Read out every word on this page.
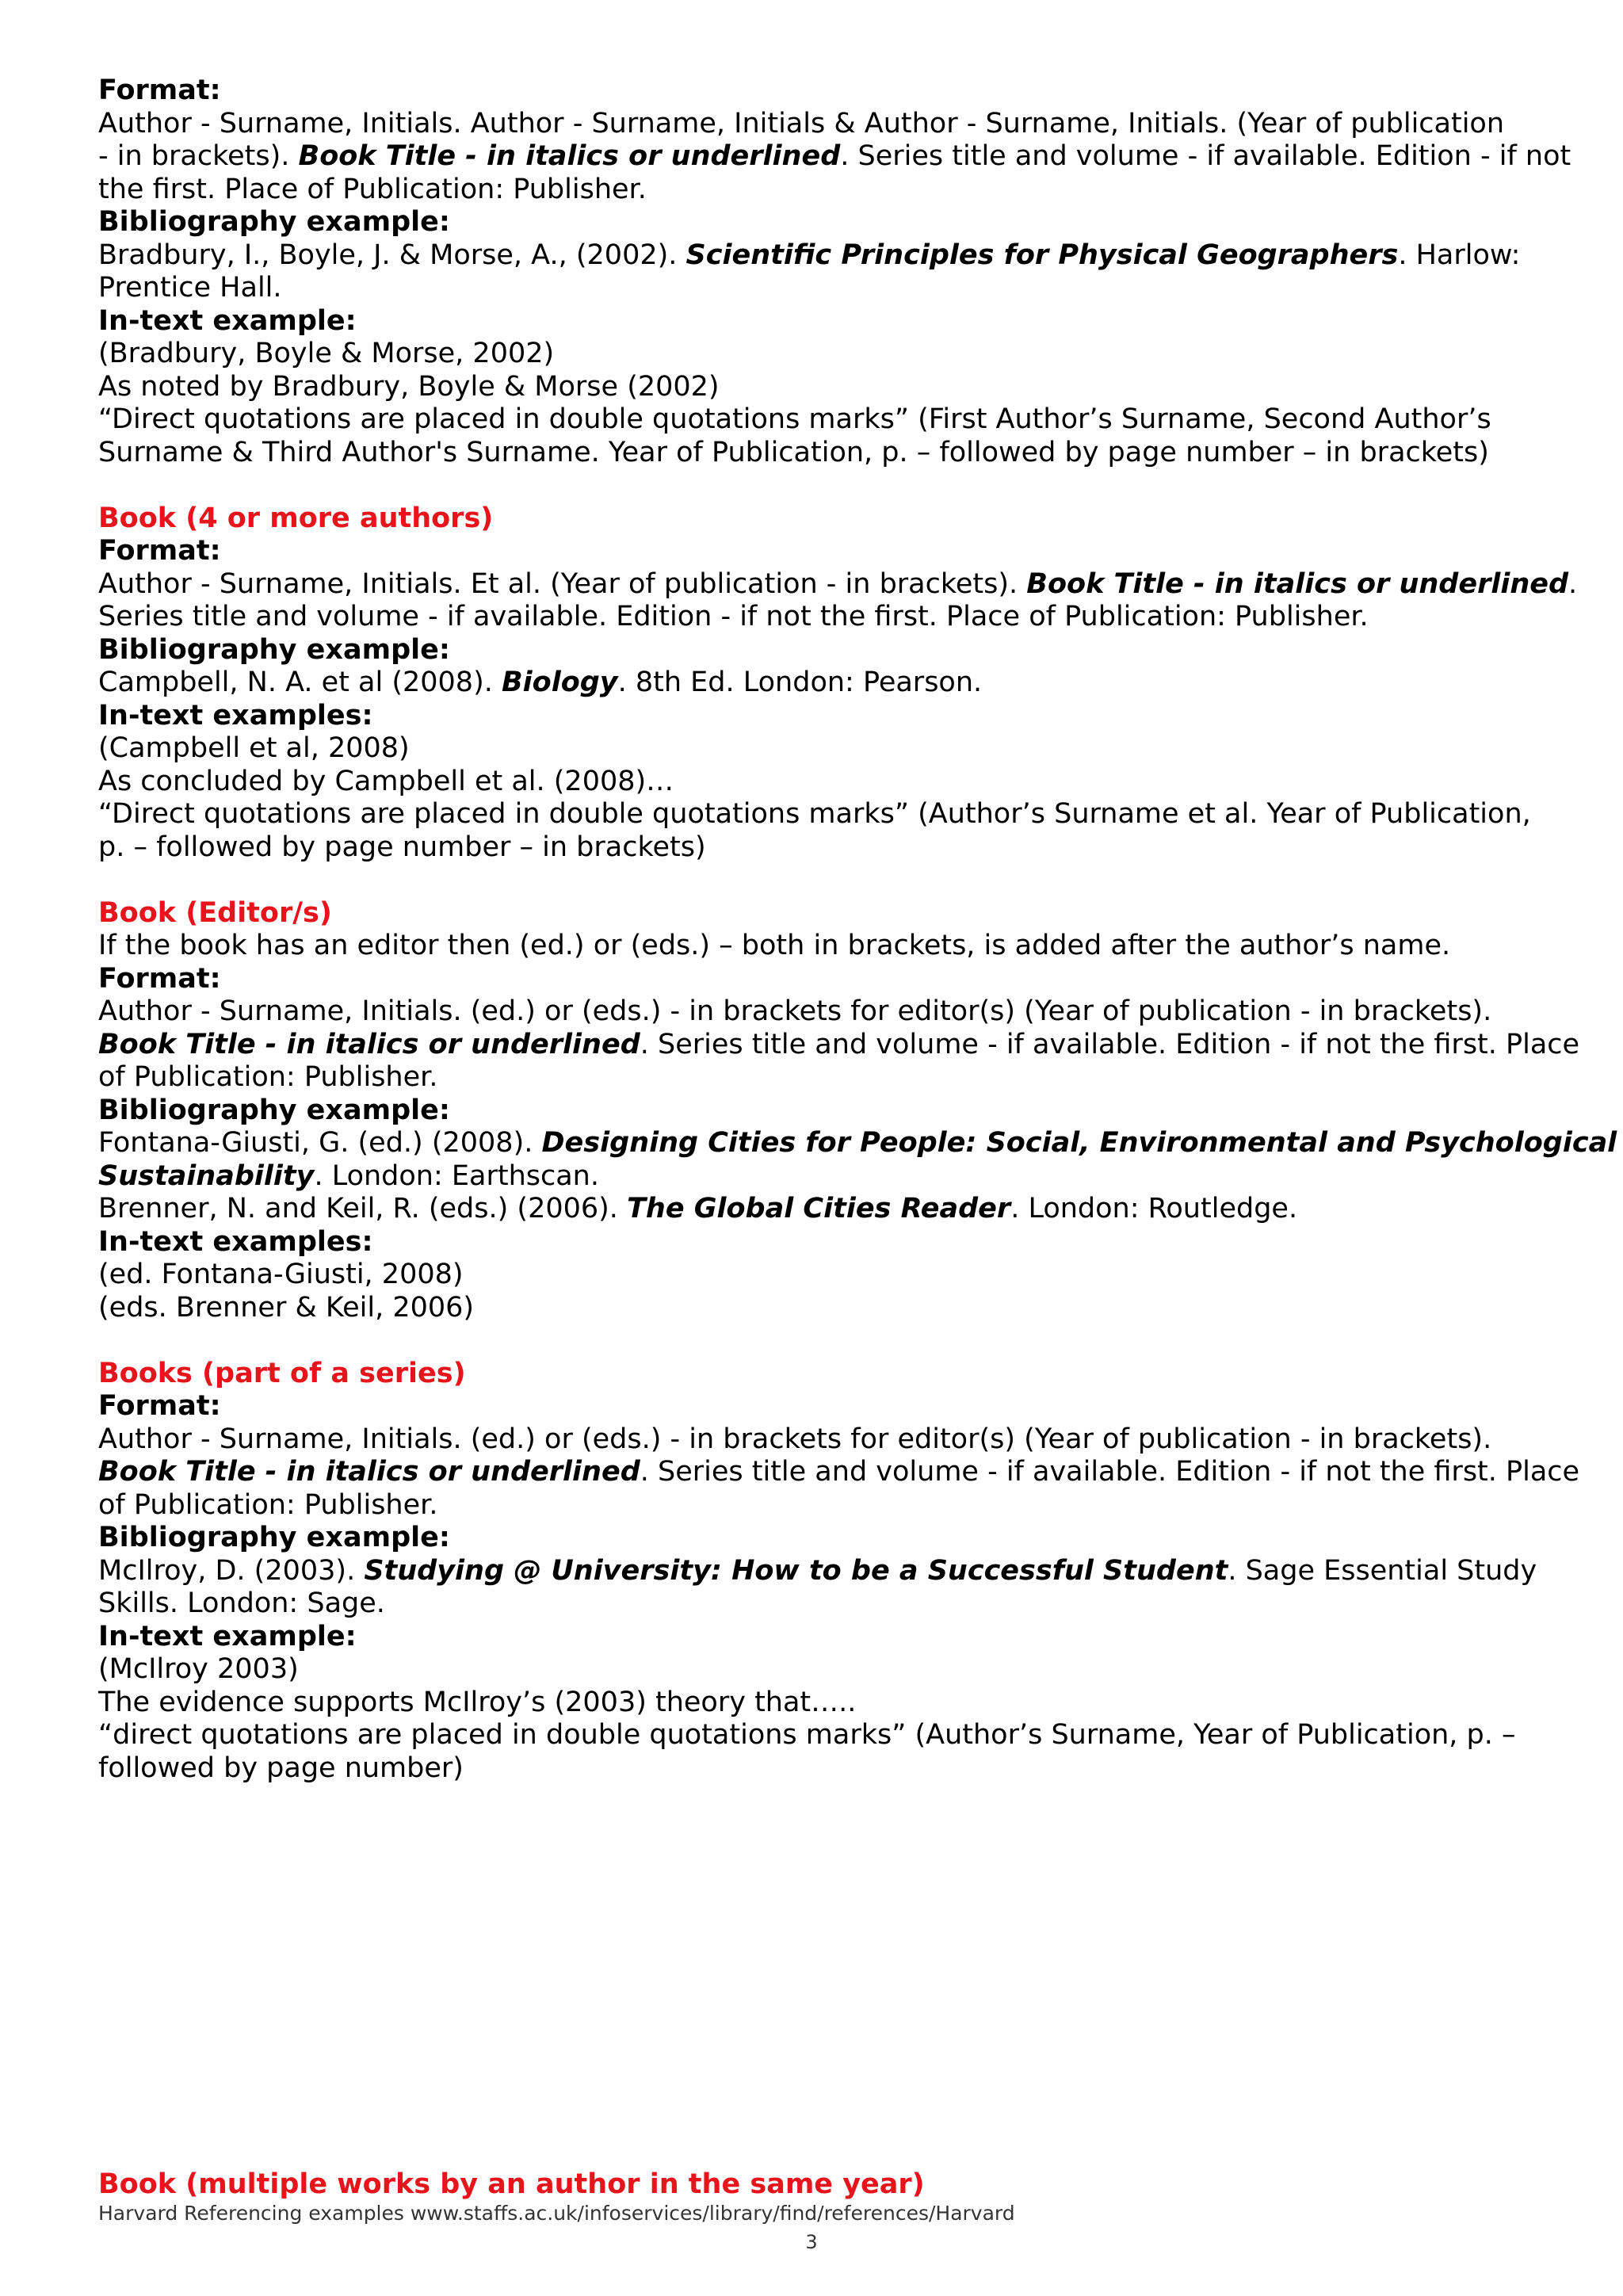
Format:
Author - Surname, Initials. Author - Surname, Initials & Author - Surname, Initials. (Year of publication
- in brackets). Book Title - in italics or underlined. Series title and volume - if available. Edition - if not
the first. Place of Publication: Publisher.
Bibliography example:
Bradbury, I., Boyle, J. & Morse, A., (2002). Scientific Principles for Physical Geographers. Harlow:
Prentice Hall.
In-text example:
(Bradbury, Boyle & Morse, 2002)
As noted by Bradbury, Boyle & Morse (2002)
“Direct quotations are placed in double quotations marks” (First Author’s Surname, Second Author’s
Surname & Third Author's Surname. Year of Publication, p. – followed by page number – in brackets)
Book (4 or more authors)
Format:
Author - Surname, Initials. Et al. (Year of publication - in brackets). Book Title - in italics or underlined.
Series title and volume - if available. Edition - if not the first. Place of Publication: Publisher.
Bibliography example:
Campbell, N. A. et al (2008). Biology. 8th Ed. London: Pearson.
In-text examples:
(Campbell et al, 2008)
As concluded by Campbell et al. (2008)…
“Direct quotations are placed in double quotations marks” (Author’s Surname et al. Year of Publication,
p. – followed by page number – in brackets)
Book (Editor/s)
If the book has an editor then (ed.) or (eds.) – both in brackets, is added after the author’s name.
Format:
Author - Surname, Initials. (ed.) or (eds.) - in brackets for editor(s) (Year of publication - in brackets).
Book Title - in italics or underlined. Series title and volume - if available. Edition - if not the first. Place
of Publication: Publisher.
Bibliography example:
Fontana-Giusti, G. (ed.) (2008). Designing Cities for People: Social, Environmental and Psychological
Sustainability. London: Earthscan.
Brenner, N. and Keil, R. (eds.) (2006). The Global Cities Reader. London: Routledge.
In-text examples:
(ed. Fontana-Giusti, 2008)
(eds. Brenner & Keil, 2006)
Books (part of a series)
Format:
Author - Surname, Initials. (ed.) or (eds.) - in brackets for editor(s) (Year of publication - in brackets).
Book Title - in italics or underlined. Series title and volume - if available. Edition - if not the first. Place
of Publication: Publisher.
Bibliography example:
McIlroy, D. (2003). Studying @ University: How to be a Successful Student. Sage Essential Study
Skills. London: Sage.
In-text example:
(McIlroy 2003)
The evidence supports McIlroy’s (2003) theory that…..
“direct quotations are placed in double quotations marks” (Author’s Surname, Year of Publication, p. –
followed by page number)
Book (multiple works by an author in the same year)
Harvard Referencing examples www.staffs.ac.uk/infoservices/library/find/references/Harvard
3
